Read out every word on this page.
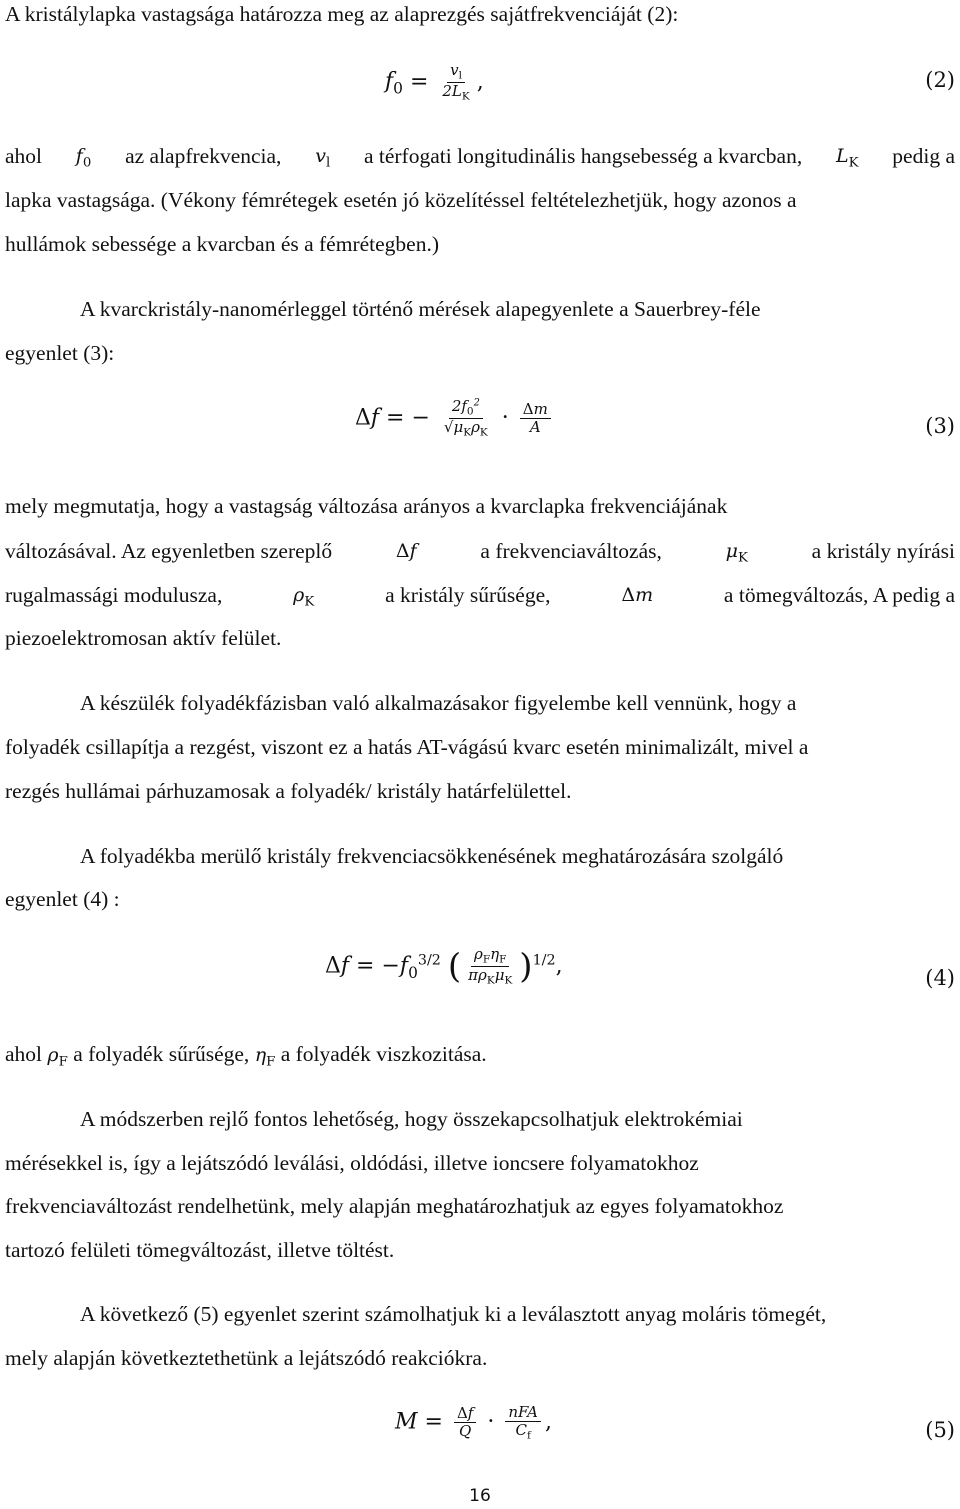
A kristálylapka vastagsága határozza meg az alaprezgés sajátfrekvenciáját (2):
$f_0 = \frac{v_l}{2L_K}$ ,	(2)
ahol $f_0$ az alapfrekvencia, $v_l$ a térfogati longitudinális hangsebesség a kvarcban, $L_K$ pedig a
lapka vastagsága. (Vékony fémrétegek esetén jó közelítéssel feltételezhetjük, hogy azonos a
hullámok sebessége a kvarcban és a fémrétegben.)
A kvarckristály-nanomérleggel történő mérések alapegyenlete a Sauerbrey-féle
egyenlet (3):
Δf = − $\frac{2f_0^2}{√\mu_K\rho_K} \cdot \frac{\Delta m}{A}$	(3)
mely megmutatja, hogy a vastagság változása arányos a kvarclapka frekvenciájának
változásával. Az egyenletben szereplő	Δf	a frekvenciaváltozás,	$\mu_K$	a kristály nyírási
rugalmassági modulusza,	$\rho_K$	a kristály sűrűsége,	Δm	a tömegváltozás, A pedig a
piezoelektromosan aktív felület.
A készülék folyadékfázisban való alkalmazásakor figyelembe kell vennünk, hogy a
folyadék csillapítja a rezgést, viszont ez a hatás AT-vágású kvarc esetén minimalizált, mivel a
rezgés hullámai párhuzamosak a folyadék/ kristály határfelülettel.
A folyadékba merülő kristály frekvenciacsökkenésének meghatározására szolgáló
egyenlet (4) :
$\Delta f = -f_0^{3/2}$ ( $\frac{\rho_F\eta_F}{\pi\rho_K\mu_K} )^{1/2}$,	(4)
ahol $\rho_F$ a folyadék sűrűsége, $\eta_F$ a folyadék viszkozitása.
A módszerben rejlő fontos lehetőség, hogy összekapcsolhatjuk elektrokémiai
mérésekkel is, így a lejátszódó leválási, oldódási, illetve ioncsere folyamatokhoz
frekvenciaváltozást rendelhetünk, mely alapján meghatározhatjuk az egyes folyamatokhoz
tartozó felületi tömegváltozást, illetve töltést.
A következő (5) egyenlet szerint számolhatjuk ki a leválasztott anyag moláris tömegét,
mely alapján következtethetünk a lejátszódó reakciókra.
$M = \frac{\Delta f}{Q} \cdot \frac{\text{nFA}}{C_f}$ ,	(5)
16
